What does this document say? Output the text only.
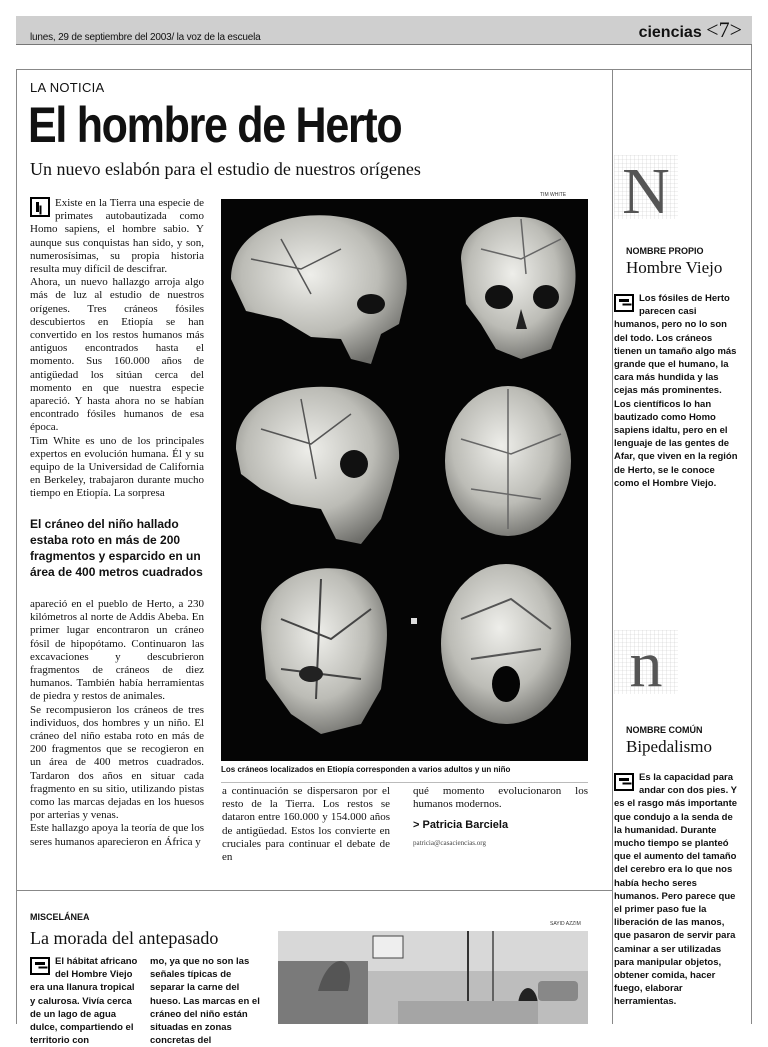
lunes, 29 de septiembre del 2003/ la voz de la escuela	ciencias <7>
LA NOTICIA
El hombre de Herto
Un nuevo eslabón para el estudio de nuestros orígenes

Existe en la Tierra una especie de primates autobautizada como Homo sapiens, el hombre sabio. Y aunque sus conquistas han sido, y son, numerosísimas, su propia historia resulta muy difícil de descifrar.

Ahora, un nuevo hallazgo arroja algo más de luz al estudio de nuestros orígenes. Tres cráneos fósiles descubiertos en Etiopía se han convertido en los restos humanos más antiguos encontrados hasta el momento. Sus 160.000 años de antigüedad los sitúan cerca del momento en que nuestra especie apareció. Y hasta ahora no se habían encontrado fósiles humanos de esa época.

Tim White es uno de los principales expertos en evolución humana. Él y su equipo de la Universidad de California en Berkeley, trabajaron durante mucho tiempo en Etiopía. La sorpresa

El cráneo del niño hallado estaba roto en más de 200 fragmentos y esparcido en un área de 400 metros cuadrados

apareció en el pueblo de Herto, a 230 kilómetros al norte de Addis Abeba. En primer lugar encontraron un cráneo fósil de hipopótamo. Continuaron las excavaciones y descubrieron fragmentos de cráneos de diez humanos. También había herramientas de piedra y restos de animales.

Se recompusieron los cráneos de tres individuos, dos hombres y un niño. El cráneo del niño estaba roto en más de 200 fragmentos que se recogieron en un área de 400 metros cuadrados. Tardaron dos años en situar cada fragmento en su sitio, utilizando pistas como las marcas dejadas en los huesos por arterias y venas.

Este hallazgo apoya la teoría de que los seres humanos aparecieron en África y

TIM WHITE
Los cráneos localizados en Etiopía corresponden a varios adultos y un niño

a continuación se dispersaron por el resto de la Tierra. Los restos se dataron entre 160.000 y 154.000 años de antigüedad. Estos los convierte en cruciales para continuar el debate de en

qué momento evolucionaron los humanos modernos.

> Patricia Barciela
patricia@casaciencias.org
N
NOMBRE PROPIO
Hombre Viejo
Los fósiles de Herto parecen casi humanos, pero no lo son del todo. Los cráneos tienen un tamaño algo más grande que el humano, la cara más hundida y las cejas más prominentes. Los científicos lo han bautizado como Homo sapiens idaltu, pero en el lenguaje de las gentes de Afar, que viven en la región de Herto, se le conoce como el Hombre Viejo.
n
NOMBRE COMÚN
Bipedalismo
Es la capacidad para andar con dos pies. Y es el rasgo más importante que condujo a la senda de la humanidad. Durante mucho tiempo se planteó que el aumento del tamaño del cerebro era lo que nos había hecho seres humanos. Pero parece que el primer paso fue la liberación de las manos, que pasaron de servir para caminar a ser utilizadas para manipular objetos, obtener comida, hacer fuego, elaborar herramientas.
MISCELÁNEA
La morada del antepasado
SAYID AZZIM
El hábitat africano del Hombre Viejo era una llanura tropical y calurosa. Vivía cerca de un lago de agua dulce, compartiendo el territorio con
mo, ya que no son las señales típicas de separar la carne del hueso. Las marcas en el cráneo del niño están situadas en zonas concretas del
